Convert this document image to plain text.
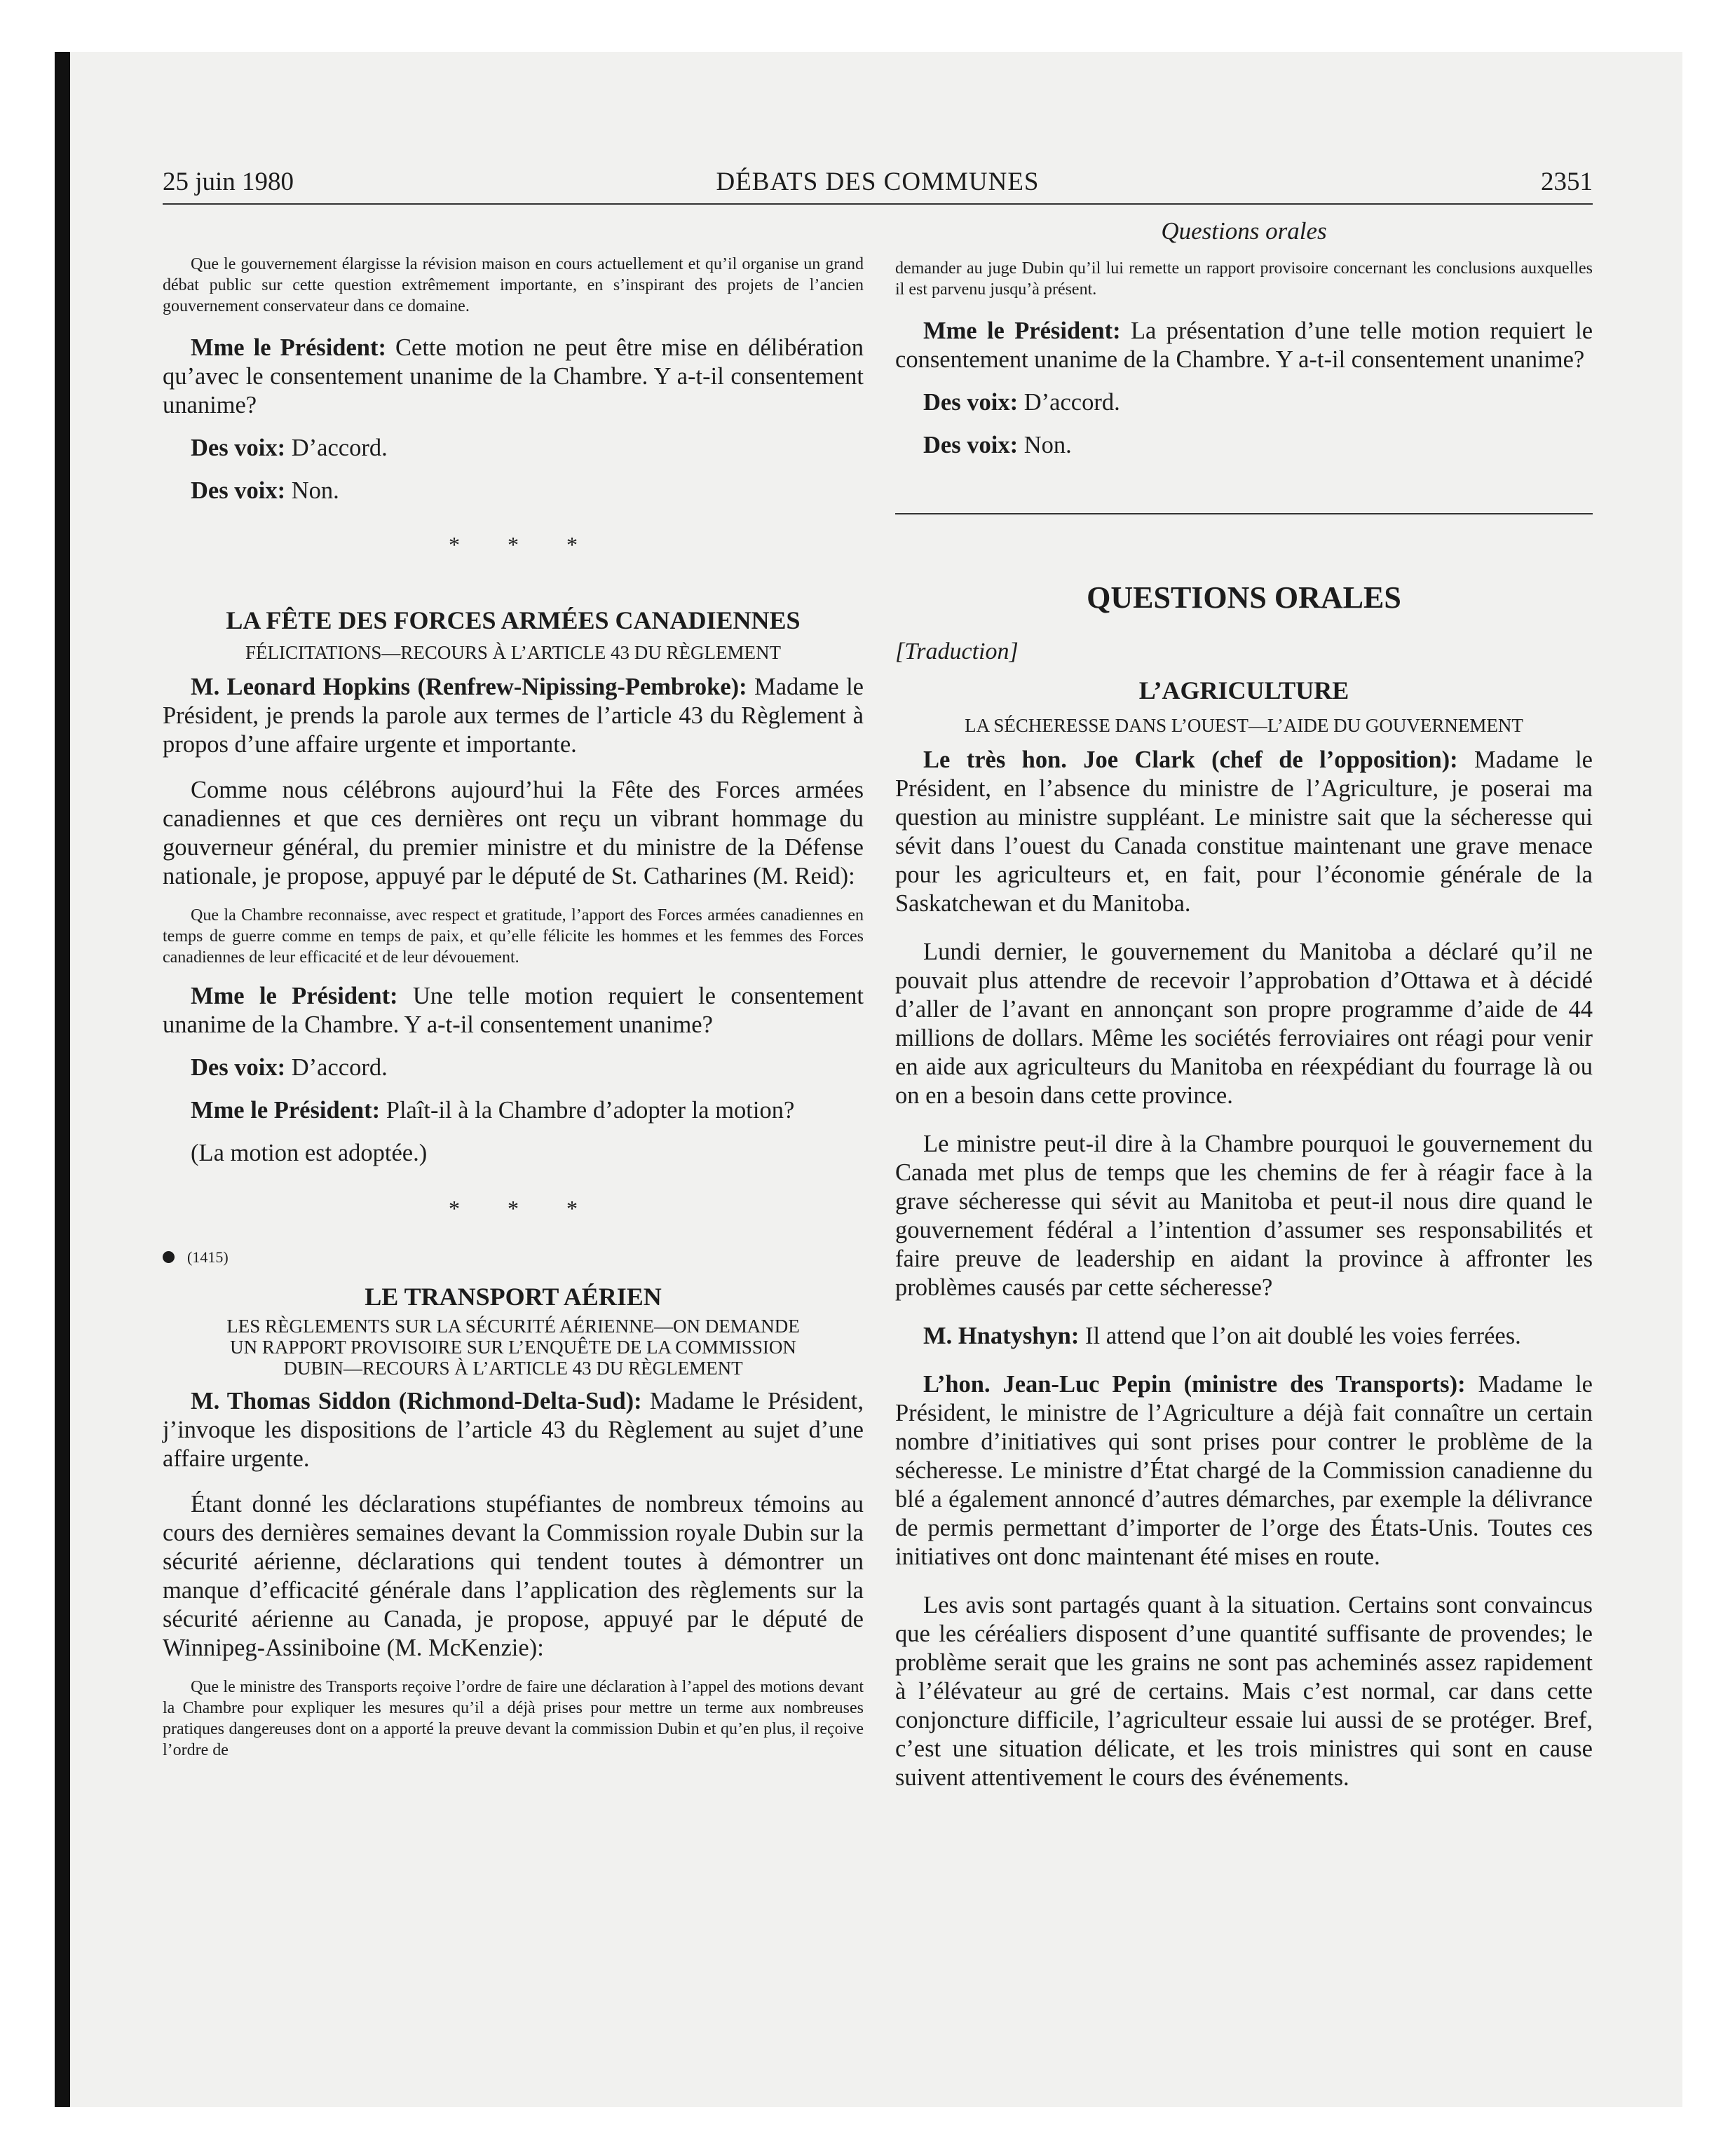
25 juin 1980	DÉBATS DES COMMUNES	2351
Questions orales

Que le gouvernement élargisse la révision maison en cours actuellement et qu’il organise un grand débat public sur cette question extrêmement importante, en s’inspirant des projets de l’ancien gouvernement conservateur dans ce domaine.

Mme le Président: Cette motion ne peut être mise en délibération qu’avec le consentement unanime de la Chambre. Y a-t-il consentement unanime?

Des voix: D’accord.

Des voix: Non.

* * *

LA FÊTE DES FORCES ARMÉES CANADIENNES

FÉLICITATIONS—RECOURS À L’ARTICLE 43 DU RÈGLEMENT

M. Leonard Hopkins (Renfrew-Nipissing-Pembroke): Madame le Président, je prends la parole aux termes de l’article 43 du Règlement à propos d’une affaire urgente et importante.

Comme nous célébrons aujourd’hui la Fête des Forces armées canadiennes et que ces dernières ont reçu un vibrant hommage du gouverneur général, du premier ministre et du ministre de la Défense nationale, je propose, appuyé par le député de St. Catharines (M. Reid):

Que la Chambre reconnaisse, avec respect et gratitude, l’apport des Forces armées canadiennes en temps de guerre comme en temps de paix, et qu’elle félicite les hommes et les femmes des Forces canadiennes de leur efficacité et de leur dévouement.

Mme le Président: Une telle motion requiert le consentement unanime de la Chambre. Y a-t-il consentement unanime?

Des voix: D’accord.

Mme le Président: Plaît-il à la Chambre d’adopter la motion?

(La motion est adoptée.)

* * *

(1415)

LE TRANSPORT AÉRIEN

LES RÈGLEMENTS SUR LA SÉCURITÉ AÉRIENNE—ON DEMANDE

UN RAPPORT PROVISOIRE SUR L’ENQUÊTE DE LA COMMISSION

DUBIN—RECOURS À L’ARTICLE 43 DU RÈGLEMENT

M. Thomas Siddon (Richmond-Delta-Sud): Madame le Président, j’invoque les dispositions de l’article 43 du Règlement au sujet d’une affaire urgente.

Étant donné les déclarations stupéfiantes de nombreux témoins au cours des dernières semaines devant la Commission royale Dubin sur la sécurité aérienne, déclarations qui tendent toutes à démontrer un manque d’efficacité générale dans l’application des règlements sur la sécurité aérienne au Canada, je propose, appuyé par le député de Winnipeg-Assiniboine (M. McKenzie):

Que le ministre des Transports reçoive l’ordre de faire une déclaration à l’appel des motions devant la Chambre pour expliquer les mesures qu’il a déjà prises pour mettre un terme aux nombreuses pratiques dangereuses dont on a apporté la preuve devant la commission Dubin et qu’en plus, il reçoive l’ordre de

demander au juge Dubin qu’il lui remette un rapport provisoire concernant les conclusions auxquelles il est parvenu jusqu’à présent.

Mme le Président: La présentation d’une telle motion requiert le consentement unanime de la Chambre. Y a-t-il consentement unanime?

Des voix: D’accord.

Des voix: Non.

QUESTIONS ORALES

[Traduction]

L’AGRICULTURE

LA SÉCHERESSE DANS L’OUEST—L’AIDE DU GOUVERNEMENT

Le très hon. Joe Clark (chef de l’opposition): Madame le Président, en l’absence du ministre de l’Agriculture, je poserai ma question au ministre suppléant. Le ministre sait que la sécheresse qui sévit dans l’ouest du Canada constitue maintenant une grave menace pour les agriculteurs et, en fait, pour l’économie générale de la Saskatchewan et du Manitoba.

Lundi dernier, le gouvernement du Manitoba a déclaré qu’il ne pouvait plus attendre de recevoir l’approbation d’Ottawa et à décidé d’aller de l’avant en annonçant son propre programme d’aide de 44 millions de dollars. Même les sociétés ferroviaires ont réagi pour venir en aide aux agriculteurs du Manitoba en réexpédiant du fourrage là ou on en a besoin dans cette province.

Le ministre peut-il dire à la Chambre pourquoi le gouvernement du Canada met plus de temps que les chemins de fer à réagir face à la grave sécheresse qui sévit au Manitoba et peut-il nous dire quand le gouvernement fédéral a l’intention d’assumer ses responsabilités et faire preuve de leadership en aidant la province à affronter les problèmes causés par cette sécheresse?

M. Hnatyshyn: Il attend que l’on ait doublé les voies ferrées.

L’hon. Jean-Luc Pepin (ministre des Transports): Madame le Président, le ministre de l’Agriculture a déjà fait connaître un certain nombre d’initiatives qui sont prises pour contrer le problème de la sécheresse. Le ministre d’État chargé de la Commission canadienne du blé a également annoncé d’autres démarches, par exemple la délivrance de permis permettant d’importer de l’orge des États-Unis. Toutes ces initiatives ont donc maintenant été mises en route.

Les avis sont partagés quant à la situation. Certains sont convaincus que les céréaliers disposent d’une quantité suffisante de provendes; le problème serait que les grains ne sont pas acheminés assez rapidement à l’élévateur au gré de certains. Mais c’est normal, car dans cette conjoncture difficile, l’agriculteur essaie lui aussi de se protéger. Bref, c’est une situation délicate, et les trois ministres qui sont en cause suivent attentivement le cours des événements.
